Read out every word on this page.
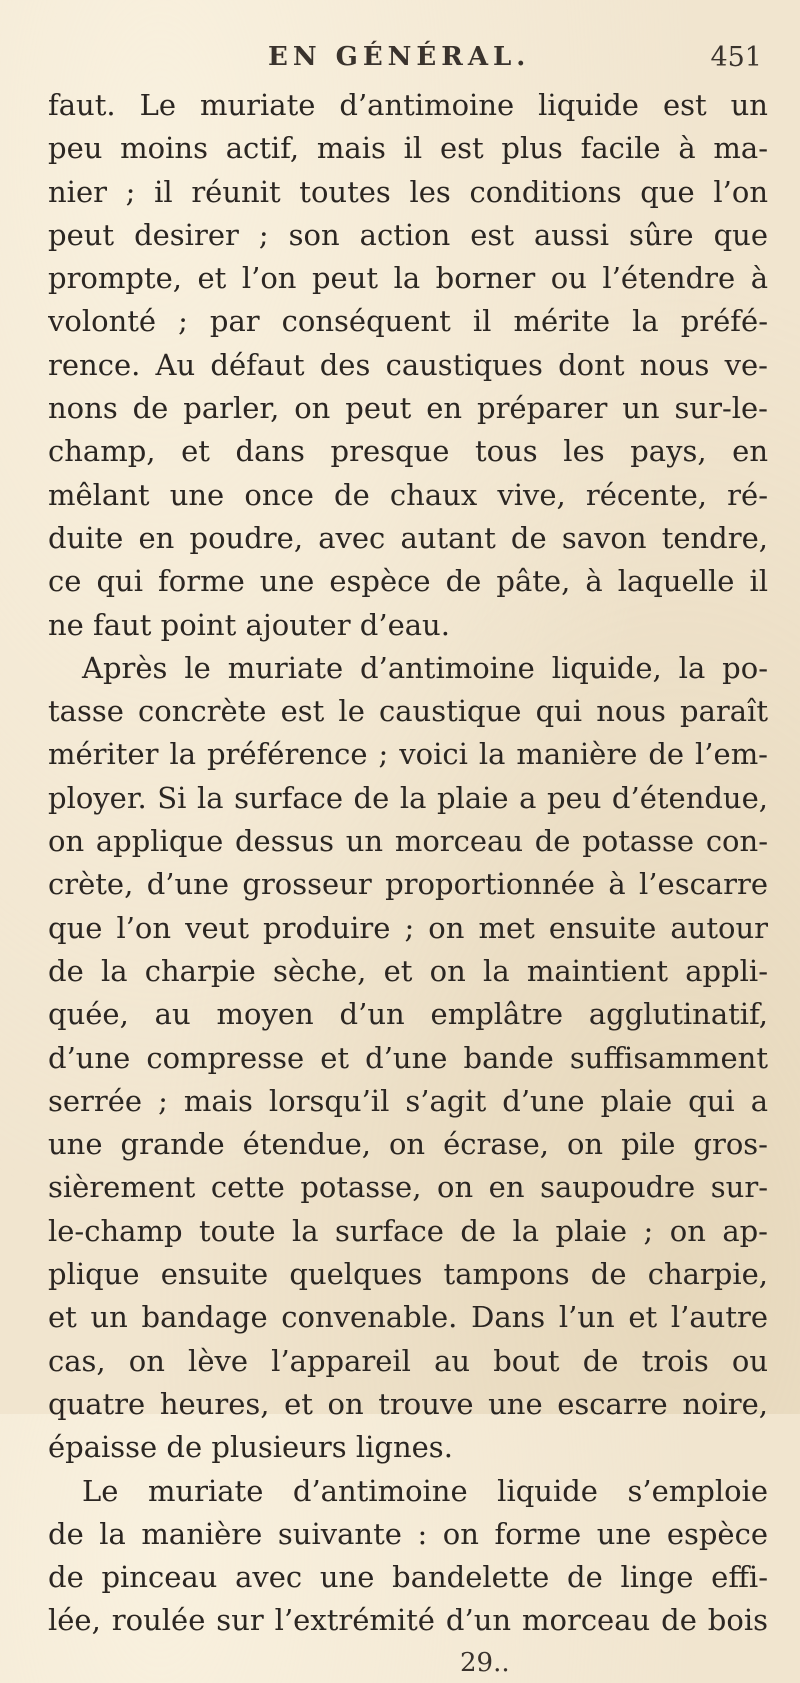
EN GÉNÉRAL.	451
faut. Le muriate d’antimoine liquide est un
peu moins actif, mais il est plus facile à ma-
nier ; il réunit toutes les conditions que l’on
peut desirer ; son action est aussi sûre que
prompte, et l’on peut la borner ou l’étendre à
volonté ; par conséquent il mérite la préfé-
rence. Au défaut des caustiques dont nous ve-
nons de parler, on peut en préparer un sur-le-
champ, et dans presque tous les pays, en
mêlant une once de chaux vive, récente, ré-
duite en poudre, avec autant de savon tendre,
ce qui forme une espèce de pâte, à laquelle il
ne faut point ajouter d’eau.
Après le muriate d’antimoine liquide, la po-
tasse concrète est le caustique qui nous paraît
mériter la préférence ; voici la manière de l’em-
ployer. Si la surface de la plaie a peu d’étendue,
on applique dessus un morceau de potasse con-
crète, d’une grosseur proportionnée à l’escarre
que l’on veut produire ; on met ensuite autour
de la charpie sèche, et on la maintient appli-
quée, au moyen d’un emplâtre agglutinatif,
d’une compresse et d’une bande suffisamment
serrée ; mais lorsqu’il s’agit d’une plaie qui a
une grande étendue, on écrase, on pile gros-
sièrement cette potasse, on en saupoudre sur-
le-champ toute la surface de la plaie ; on ap-
plique ensuite quelques tampons de charpie,
et un bandage convenable. Dans l’un et l’autre
cas, on lève l’appareil au bout de trois ou
quatre heures, et on trouve une escarre noire,
épaisse de plusieurs lignes.
Le muriate d’antimoine liquide s’emploie
de la manière suivante : on forme une espèce
de pinceau avec une bandelette de linge effi-
lée, roulée sur l’extrémité d’un morceau de bois
29..
